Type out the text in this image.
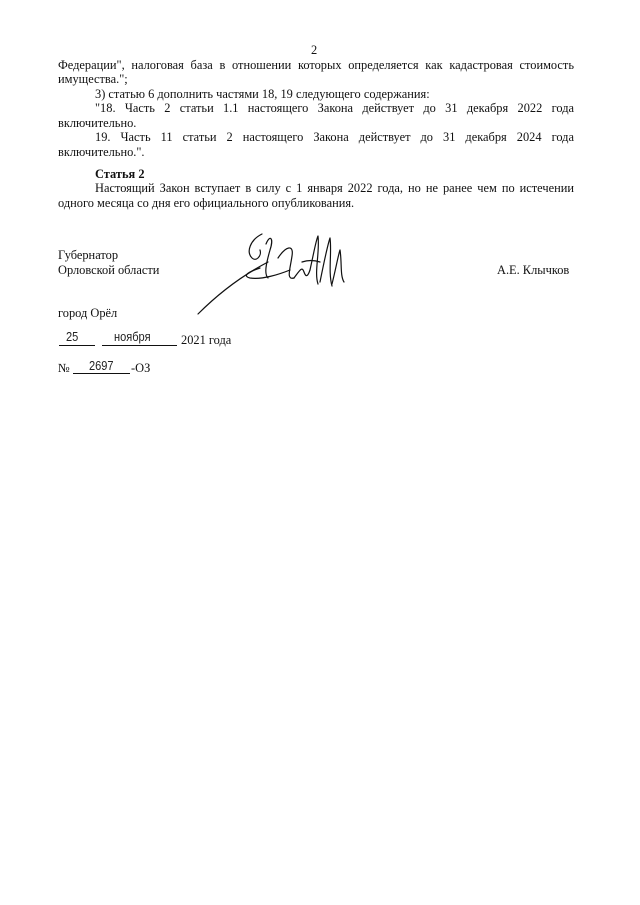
2
Федерации", налоговая база в отношении которых определяется как кадастровая стоимость
имущества.";
3) статью 6 дополнить частями 18, 19 следующего содержания:
"18. Часть 2 статьи 1.1 настоящего Закона действует до 31 декабря 2022 года
включительно.
19. Часть 11 статьи 2 настоящего Закона действует до 31 декабря 2024 года
включительно.".
Статья 2
Настоящий Закон вступает в силу с 1 января 2022 года, но не ранее чем по истечении
одного месяца со дня его официального опубликования.
Губернатор
Орловской области	А.Е. Клычков
город Орёл
25	ноября 2021 года
№ 2697 -ОЗ
